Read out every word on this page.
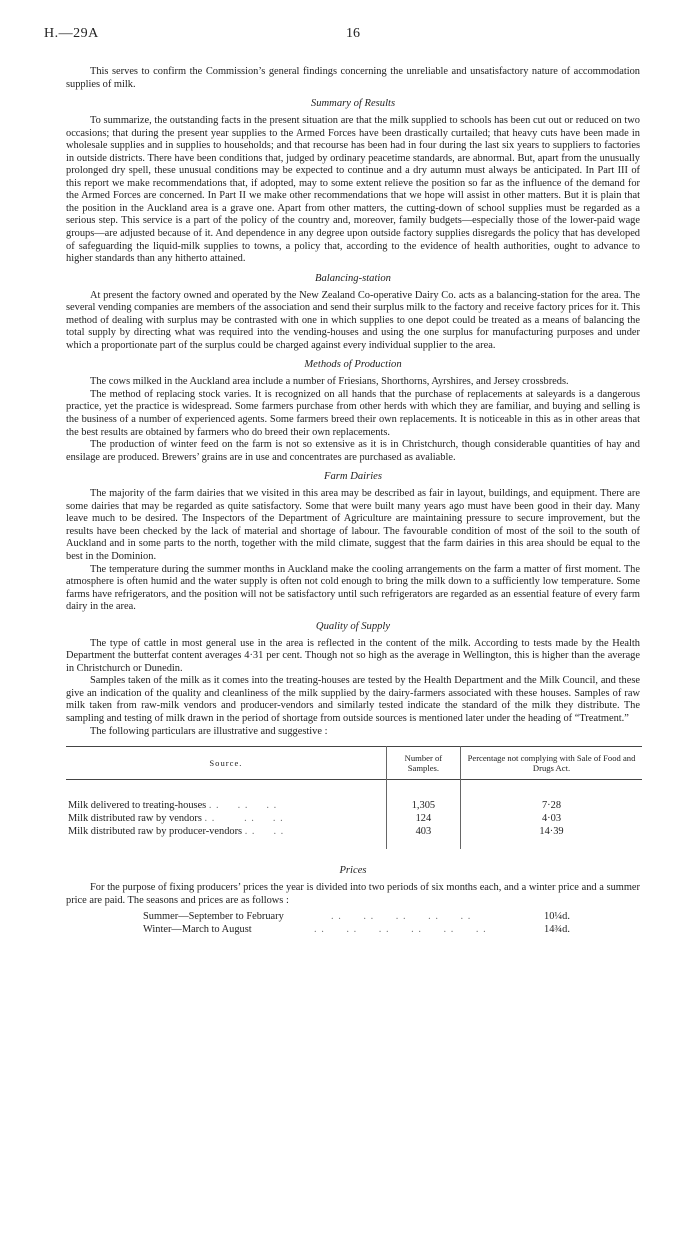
H.—29A	16

This serves to confirm the Commission’s general findings concerning the unreliable and unsatisfactory nature of accommodation supplies of milk.

Summary of Results

To summarize, the outstanding facts in the present situation are that the milk supplied to schools has been cut out or reduced on two occasions; that during the present year supplies to the Armed Forces have been drastically curtailed; that heavy cuts have been made in wholesale supplies and in supplies to households; and that recourse has been had in four during the last six years to suppliers to factories in outside districts. There have been conditions that, judged by ordinary peacetime standards, are abnormal. But, apart from the unusually prolonged dry spell, these unusual conditions may be expected to continue and a dry autumn must always be anticipated. In Part III of this report we make recommendations that, if adopted, may to some extent relieve the position so far as the influence of the demand for the Armed Forces are concerned. In Part II we make other recommendations that we hope will assist in other matters. But it is plain that the position in the Auckland area is a grave one. Apart from other matters, the cutting-down of school supplies must be regarded as a serious step. This service is a part of the policy of the country and, moreover, family budgets—especially those of the lower-paid wage groups—are adjusted because of it. And dependence in any degree upon outside factory supplies disregards the policy that has developed of safeguarding the liquid-milk supplies to towns, a policy that, according to the evidence of health authorities, ought to advance to higher standards than any hitherto attained.

Balancing-station

At present the factory owned and operated by the New Zealand Co-operative Dairy Co. acts as a balancing-station for the area. The several vending companies are members of the association and send their surplus milk to the factory and receive factory prices for it. This method of dealing with surplus may be contrasted with one in which supplies to one depot could be treated as a means of balancing the total supply by directing what was required into the vending-houses and using the one surplus for manufacturing purposes and under which a proportionate part of the surplus could be charged against every individual supplier to the area.

Methods of Production

The cows milked in the Auckland area include a number of Friesians, Shorthorns, Ayrshires, and Jersey crossbreds.

The method of replacing stock varies. It is recognized on all hands that the purchase of replacements at saleyards is a dangerous practice, yet the practice is widespread. Some farmers purchase from other herds with which they are familiar, and buying and selling is the business of a number of experienced agents. Some farmers breed their own replacements. It is noticeable in this as in other areas that the best results are obtained by farmers who do breed their own replacements.

The production of winter feed on the farm is not so extensive as it is in Christchurch, though considerable quantities of hay and ensilage are produced. Brewers’ grains are in use and concentrates are purchased as avaliable.

Farm Dairies

The majority of the farm dairies that we visited in this area may be described as fair in layout, buildings, and equipment. There are some dairies that may be regarded as quite satisfactory. Some that were built many years ago must have been good in their day. Many leave much to be desired. The Inspectors of the Department of Agriculture are maintaining pressure to secure improvement, but the results have been checked by the lack of material and shortage of labour. The favourable condition of most of the soil to the south of Auckland and in some parts to the north, together with the mild climate, suggest that the farm dairies in this area should be equal to the best in the Dominion.

The temperature during the summer months in Auckland make the cooling arrangements on the farm a matter of first moment. The atmosphere is often humid and the water supply is often not cold enough to bring the milk down to a sufficiently low temperature. Some farms have refrigerators, and the position will not be satisfactory until such refrigerators are regarded as an essential feature of every farm dairy in the area.

Quality of Supply

The type of cattle in most general use in the area is reflected in the content of the milk. According to tests made by the Health Department the butterfat content averages 4·31 per cent. Though not so high as the average in Wellington, this is higher than the average in Christchurch or Dunedin.

Samples taken of the milk as it comes into the treating-houses are tested by the Health Department and the Milk Council, and these give an indication of the quality and cleanliness of the milk supplied by the dairy-farmers associated with these houses. Samples of raw milk taken from raw-milk vendors and producer-vendors and similarly tested indicate the standard of the milk they distribute. The sampling and testing of milk drawn in the period of shortage from outside sources is mentioned later under the heading of “Treatment.”

The following particulars are illustrative and suggestive :

Source.	Number of Samples.	Percentage not complying with Sale of Food and Drugs Act.

Milk delivered to treating-houses . .     . .     . .	1,305	7·28
Milk distributed raw by vendors . .        . .     . .	124	4·03
Milk distributed raw by producer-vendors . .     . .	403	14·39

Prices

For the purpose of fixing producers’ prices the year is divided into two periods of six months each, and a winter price and a summer price are paid. The seasons and prices are as follows :

Summer—September to February	. .      . .      . .      . .      . .	10¼d.
Winter—March to August	. .      . .      . .      . .      . .      . .	14¾d.
